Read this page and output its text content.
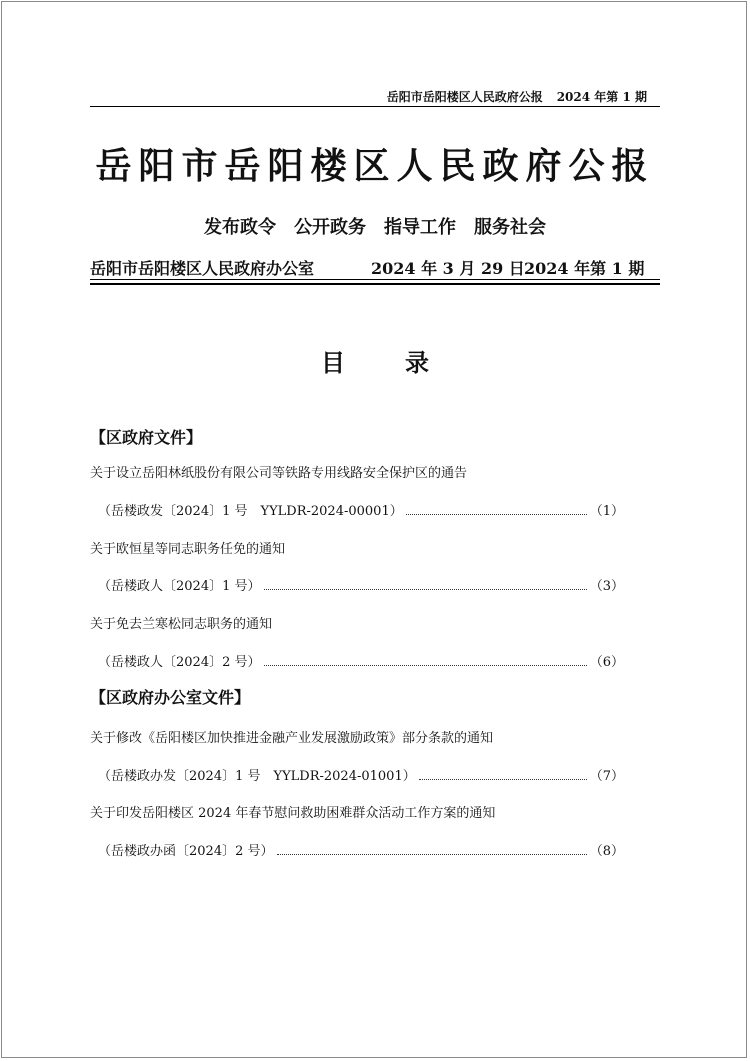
岳阳市岳阳楼区人民政府公报 2024 年第 1 期
岳阳市岳阳楼区人民政府公报
发布政令 公开政务 指导工作 服务社会
岳阳市岳阳楼区人民政府办公室	2024 年 3 月 29 日 2024 年第 1 期
目录
【区政府文件】
关于设立岳阳林纸股份有限公司等铁路专用线路安全保护区的通告
（岳楼政发〔2024〕1 号　YYLDR-2024-00001）	（1）
关于欧恒星等同志职务任免的通知
（岳楼政人〔2024〕1 号）	（3）
关于免去兰寒松同志职务的通知
（岳楼政人〔2024〕2 号）	（6）
【区政府办公室文件】
关于修改《岳阳楼区加快推进金融产业发展激励政策》部分条款的通知
（岳楼政办发〔2024〕1 号　YYLDR-2024-01001）	（7）
关于印发岳阳楼区 2024 年春节慰问救助困难群众活动工作方案的通知
（岳楼政办函〔2024〕2 号）	（8）
